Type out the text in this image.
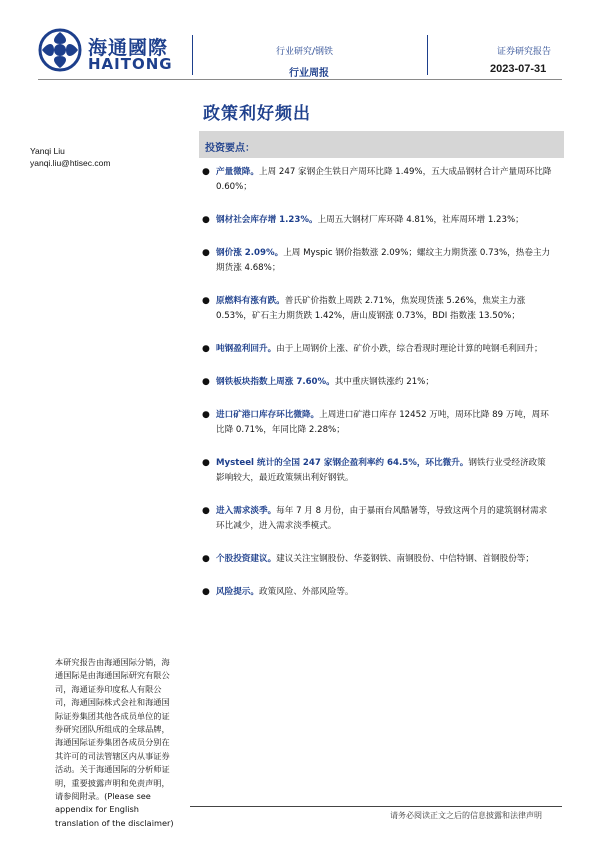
海通國際
HAITONG
行业研究/钢铁
行业周报
证券研究报告
2023-07-31
政策利好频出
Yanqi Liu
yanqi.liu@htisec.com
投资要点：
● 产量微降。上周 247 家钢企生铁日产周环比降 1.49%，五大成品钢材合计产量周环比降 0.60%；
● 钢材社会库存增 1.23%。上周五大钢材厂库环降 4.81%，社库周环增 1.23%；
● 钢价涨 2.09%。上周 Myspic 钢价指数涨 2.09%；螺纹主力期货涨 0.73%，热卷主力期货涨 4.68%；
● 原燃料有涨有跌。普氏矿价指数上周跌 2.71%，焦炭现货涨 5.26%，焦炭主力涨 0.53%，矿石主力期货跌 1.42%，唐山废钢涨 0.73%，BDI 指数涨 13.50%；
● 吨钢盈利回升。由于上周钢价上涨、矿价小跌，综合看现时理论计算的吨钢毛利回升；
● 钢铁板块指数上周涨 7.60%。其中重庆钢铁涨约 21%；
● 进口矿港口库存环比微降。上周进口矿港口库存 12452 万吨，周环比降 89 万吨，周环比降 0.71%，年同比降 2.28%；
● Mysteel 统计的全国 247 家钢企盈利率约 64.5%，环比微升。钢铁行业受经济政策影响较大，最近政策频出利好钢铁。
● 进入需求淡季。每年 7 月 8 月份，由于暴雨台风酷暑等，导致这两个月的建筑钢材需求环比减少，进入需求淡季模式。
● 个股投资建议。建议关注宝钢股份、华菱钢铁、南钢股份、中信特钢、首钢股份等；
● 风险提示。政策风险、外部风险等。
本研究报告由海通国际分销，海通国际是由海通国际研究有限公司，海通证券印度私人有限公司，海通国际株式会社和海通国际证券集团其他各成员单位的证券研究团队所组成的全球品牌，海通国际证券集团各成员分别在其许可的司法管辖区内从事证券活动。关于海通国际的分析师证明，重要披露声明和免责声明，请参阅附录。(Please see appendix for English translation of the disclaimer)
请务必阅读正文之后的信息披露和法律声明
